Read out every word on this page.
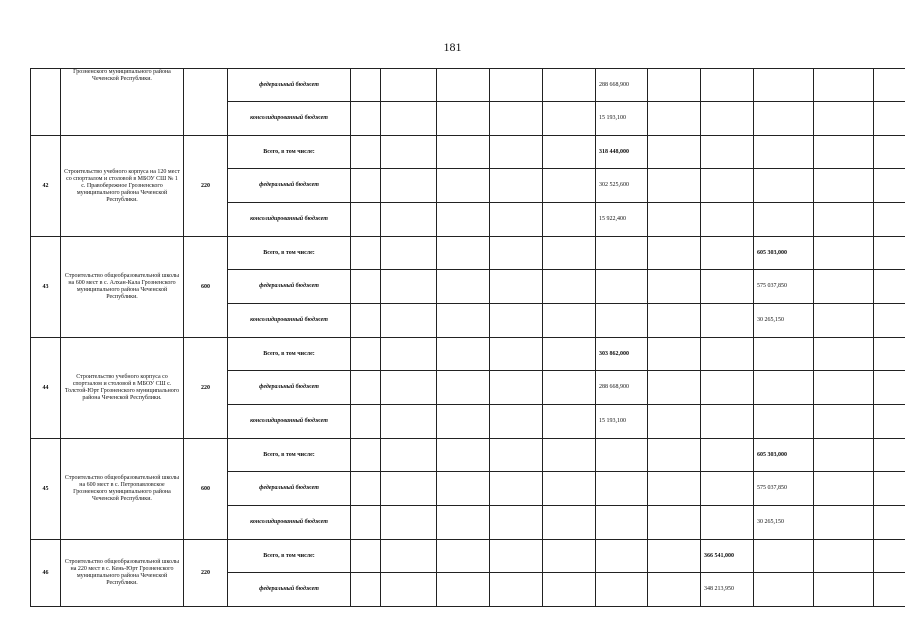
181
	Грозненского муниципального района Чеченской Республики.		федеральный бюджет						288 668,900					
			консолидированный бюджет						15 193,100					
42	Строительство учебного корпуса на 120 мест со спортзалом и столовой в МБОУ СШ № 1 с. Правобережное Грозненского муниципального района Чеченской Республики.	220	Всего, в том числе:						318 448,000					
			федеральный бюджет						302 525,600					
			консолидированный бюджет						15 922,400					
43	Строительство общеобразовательной школы на 600 мест в с. Алхан-Кала Грозненского муниципального района Чеченской Республики.	600	Всего, в том числе:									605 303,000		
			федеральный бюджет									575 037,850		
			консолидированный бюджет									30 265,150		
44	Строительство учебного корпуса со спортзалом и столовой в МБОУ СШ с. Толстой-Юрт Грозненского муниципального района Чеченской Республики.	220	Всего, в том числе:						303 862,000					
			федеральный бюджет						288 668,900					
			консолидированный бюджет						15 193,100					
45	Строительство общеобразовательной школы на 600 мест в с. Петропавловское Грозненского муниципального района Чеченской Республики.	600	Всего, в том числе:									605 303,000		
			федеральный бюджет									575 037,850		
			консолидированный бюджет									30 265,150		
46	Строительство общеобразовательной школы на 220 мест в с. Кень-Юрт Грозненского муниципального района Чеченской Республики.	220	Всего, в том числе:								366 541,000			
			федеральный бюджет								348 213,950			
